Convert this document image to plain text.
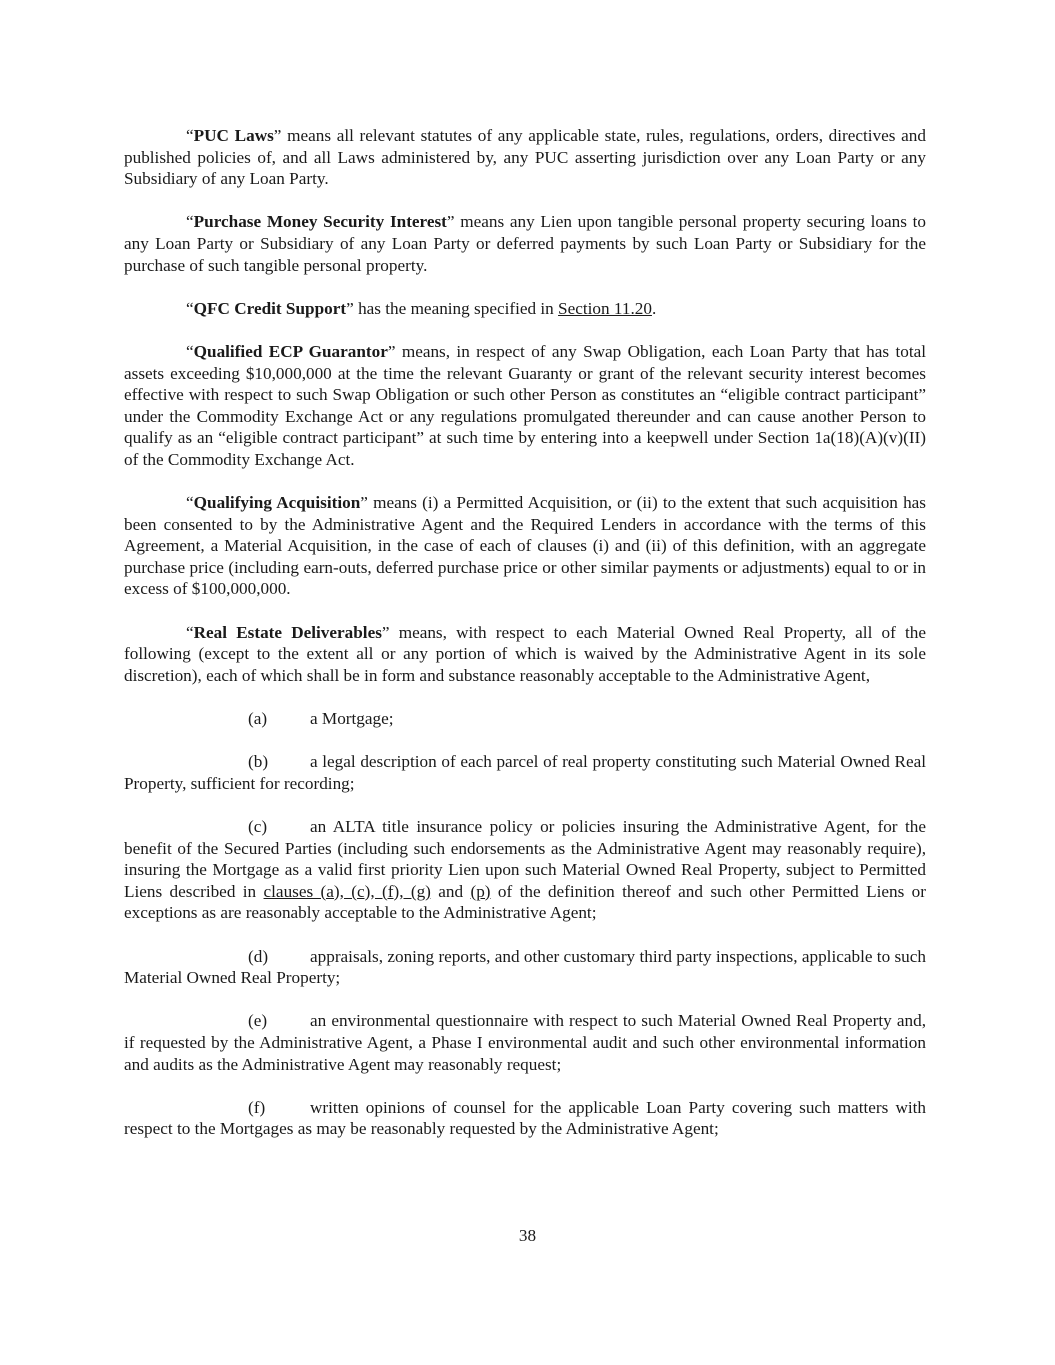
“PUC Laws” means all relevant statutes of any applicable state, rules, regulations, orders, directives and published policies of, and all Laws administered by, any PUC asserting jurisdiction over any Loan Party or any Subsidiary of any Loan Party.

“Purchase Money Security Interest” means any Lien upon tangible personal property securing loans to any Loan Party or Subsidiary of any Loan Party or deferred payments by such Loan Party or Subsidiary for the purchase of such tangible personal property.

“QFC Credit Support” has the meaning specified in Section 11.20.

“Qualified ECP Guarantor” means, in respect of any Swap Obligation, each Loan Party that has total assets exceeding $10,000,000 at the time the relevant Guaranty or grant of the relevant security interest becomes effective with respect to such Swap Obligation or such other Person as constitutes an “eligible contract participant” under the Commodity Exchange Act or any regulations promulgated thereunder and can cause another Person to qualify as an “eligible contract participant” at such time by entering into a keepwell under Section 1a(18)(A)(v)(II) of the Commodity Exchange Act.

“Qualifying Acquisition” means (i) a Permitted Acquisition, or (ii) to the extent that such acquisition has been consented to by the Administrative Agent and the Required Lenders in accordance with the terms of this Agreement, a Material Acquisition, in the case of each of clauses (i) and (ii) of this definition, with an aggregate purchase price (including earn-outs, deferred purchase price or other similar payments or adjustments) equal to or in excess of $100,000,000.

“Real Estate Deliverables” means, with respect to each Material Owned Real Property, all of the following (except to the extent all or any portion of which is waived by the Administrative Agent in its sole discretion), each of which shall be in form and substance reasonably acceptable to the Administrative Agent,

(a) a Mortgage;

(b) a legal description of each parcel of real property constituting such Material Owned Real Property, sufficient for recording;

(c) an ALTA title insurance policy or policies insuring the Administrative Agent, for the benefit of the Secured Parties (including such endorsements as the Administrative Agent may reasonably require), insuring the Mortgage as a valid first priority Lien upon such Material Owned Real Property, subject to Permitted Liens described in clauses (a), (c), (f), (g) and (p) of the definition thereof and such other Permitted Liens or exceptions as are reasonably acceptable to the Administrative Agent;

(d) appraisals, zoning reports, and other customary third party inspections, applicable to such Material Owned Real Property;

(e) an environmental questionnaire with respect to such Material Owned Real Property and, if requested by the Administrative Agent, a Phase I environmental audit and such other environmental information and audits as the Administrative Agent may reasonably request;

(f)	written opinions of counsel for the applicable Loan Party covering such matters with respect to the Mortgages as may be reasonably requested by the Administrative Agent;

38
